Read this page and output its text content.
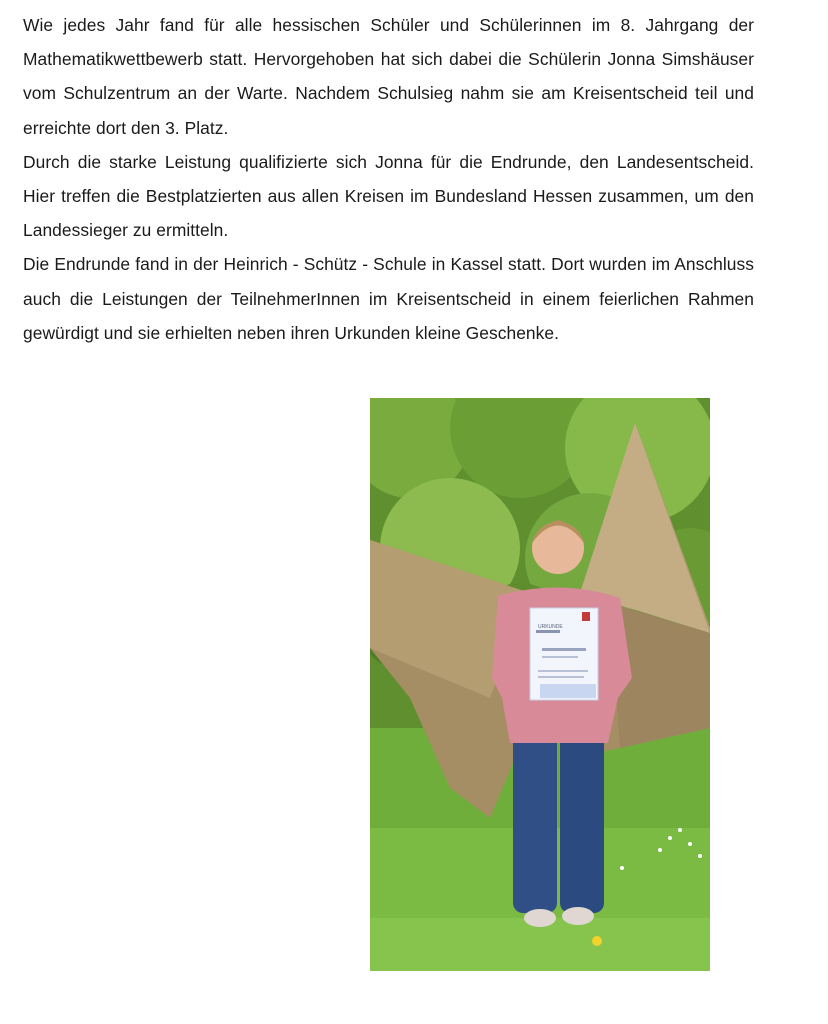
Wie jedes Jahr fand für alle hessischen Schüler und Schülerinnen im 8. Jahrgang der Mathematikwettbewerb statt. Hervorgehoben hat sich dabei die Schülerin Jonna Simshäuser vom Schulzentrum an der Warte. Nachdem Schulsieg nahm sie am Kreisentscheid teil und erreichte dort den 3. Platz.

Durch die starke Leistung qualifizierte sich Jonna für die Endrunde, den Landesentscheid. Hier treffen die Bestplatzierten aus allen Kreisen im Bundesland Hessen zusammen, um den Landessieger zu ermitteln.

Die Endrunde fand in der Heinrich - Schütz - Schule in Kassel statt. Dort wurden im Anschluss auch die Leistungen der TeilnehmerInnen im Kreisentscheid in einem feierlichen Rahmen gewürdigt und sie erhielten neben ihren Urkunden kleine Geschenke.

URKUNDE
